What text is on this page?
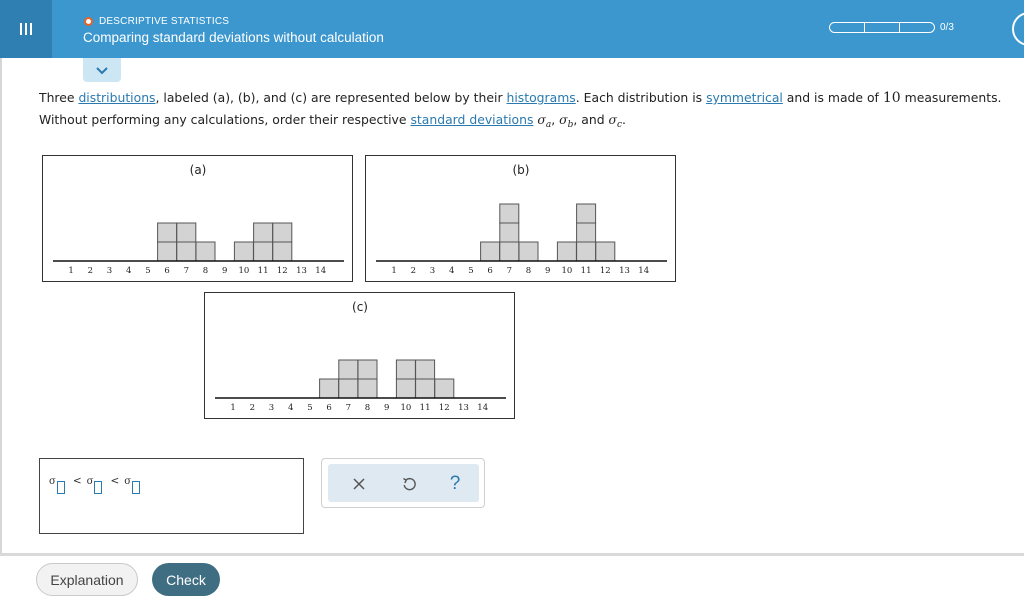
DESCRIPTIVE STATISTICS
Comparing standard deviations without calculation
0/3
Three distributions, labeled (a), (b), and (c) are represented below by their histograms. Each distribution is symmetrical and is made of 10 measurements.
Without performing any calculations, order their respective standard deviations $\sigma_a$, $\sigma_b$, and $\sigma_c$.
(a)
1 2 3 4 5 6 7 8 9 10 11 12 13 14
(b)
1 2 3 4 5 6 7 8 9 10 11 12 13 14
(c)
1 2 3 4 5 6 7 8 9 10 11 12 13 14
σ < σ < σ	?
Explanation	Check
